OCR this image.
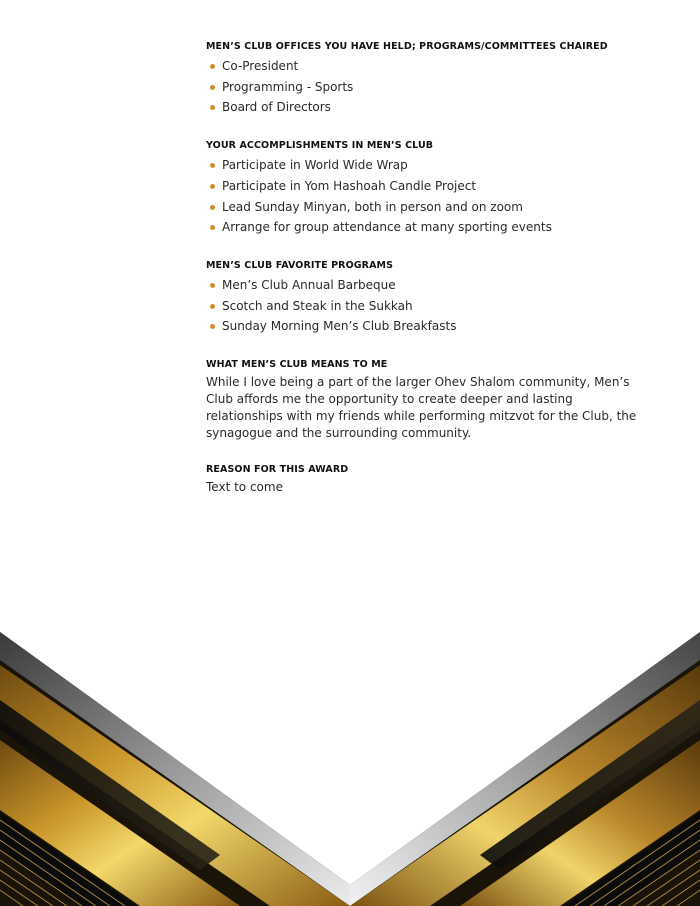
MEN’S CLUB OFFICES YOU HAVE HELD; PROGRAMS/COMMITTEES CHAIRED
Co-President
Programming - Sports
Board of Directors
YOUR ACCOMPLISHMENTS IN MEN’S CLUB
Participate in World Wide Wrap
Participate in Yom Hashoah Candle Project
Lead Sunday Minyan, both in person and on zoom
Arrange for group attendance at many sporting events
MEN’S CLUB FAVORITE PROGRAMS
Men’s Club Annual Barbeque
Scotch and Steak in the Sukkah
Sunday Morning Men’s Club Breakfasts
WHAT MEN’S CLUB MEANS TO ME

While I love being a part of the larger Ohev Shalom community, Men’s Club affords me the opportunity to create deeper and lasting relationships with my friends while performing mitzvot for the Club, the synagogue and the surrounding community.

REASON FOR THIS AWARD

Text to come
